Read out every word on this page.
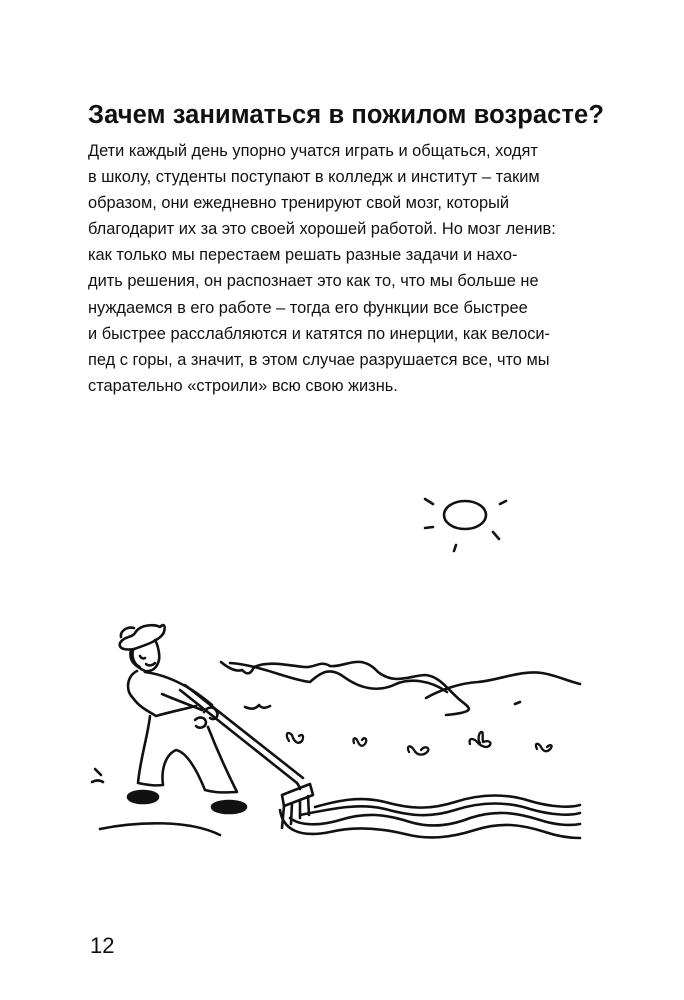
Зачем заниматься в пожилом возрасте?
Дети каждый день упорно учатся играть и общаться, ходят
в школу, студенты поступают в колледж и институт – таким
образом, они ежедневно тренируют свой мозг, который
благодарит их за это своей хорошей работой. Но мозг ленив:
как только мы перестаем решать разные задачи и нахо-
дить решения, он распознает это как то, что мы больше не
нуждаемся в его работе – тогда его функции все быстрее
и быстрее расслабляются и катятся по инерции, как велоси-
пед с горы, а значит, в этом случае разрушается все, что мы
старательно «строили» всю свою жизнь.
12
